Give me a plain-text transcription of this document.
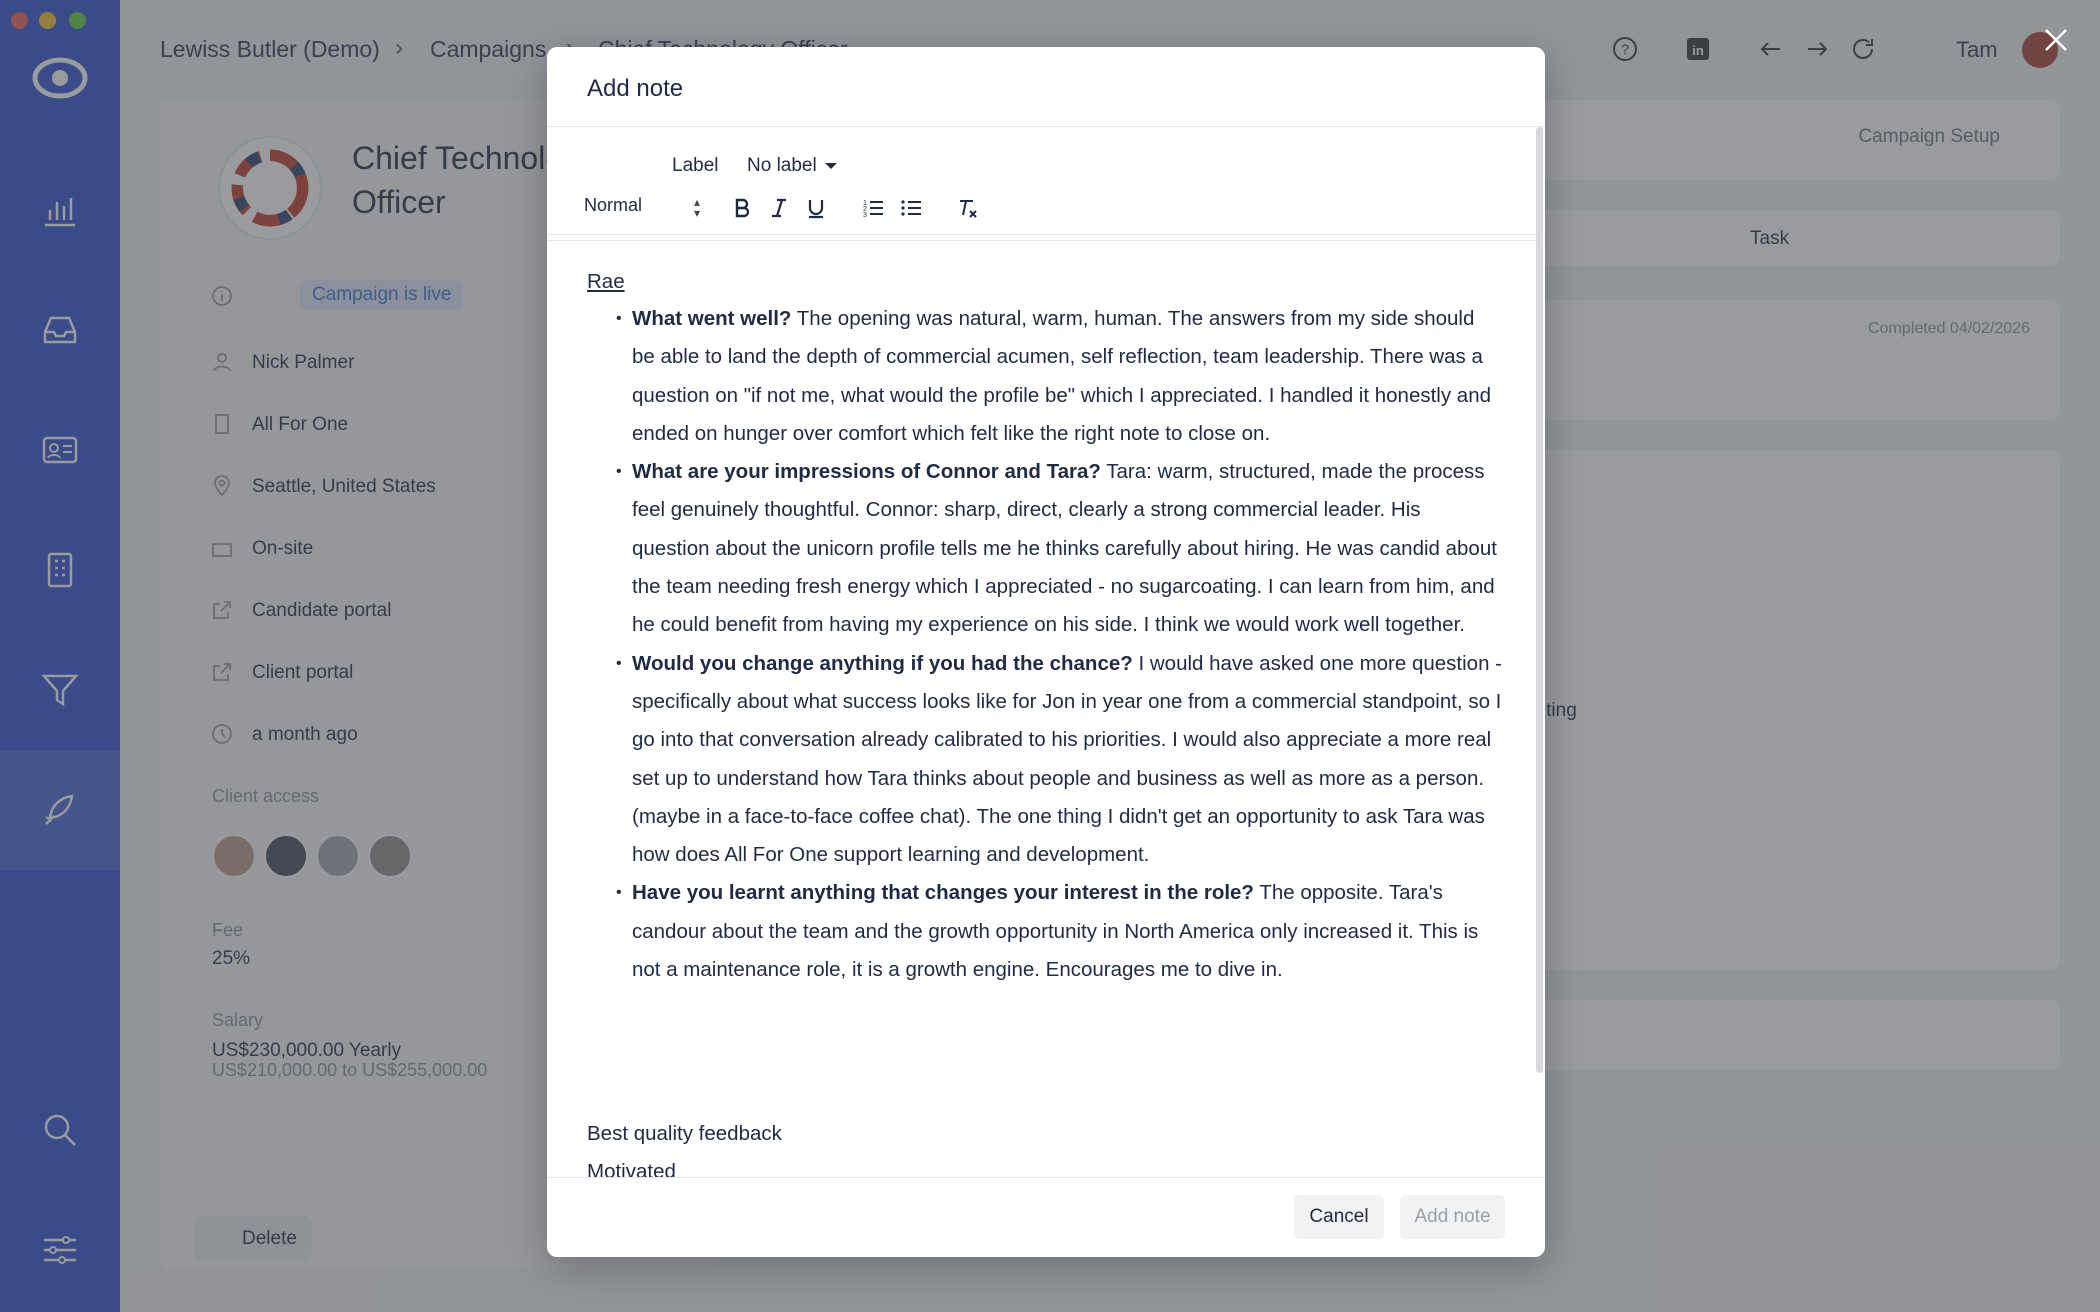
Add note
Label No label
Normal	▴
▾
1
2
3
Rae
• What went well? The opening was natural, warm, human. The answers from my side should be able to land the depth of commercial acumen, self reflection, team leadership. There was a question on "if not me, what would the profile be" which I appreciated. I handled it honestly and ended on hunger over comfort which felt like the right note to close on.
• What are your impressions of Connor and Tara? Tara: warm, structured, made the process feel genuinely thoughtful. Connor: sharp, direct, clearly a strong commercial leader. His question about the unicorn profile tells me he thinks carefully about hiring. He was candid about the team needing fresh energy which I appreciated - no sugarcoating. I can learn from him, and he could benefit from having my experience on his side. I think we would work well together.
• Would you change anything if you had the chance? I would have asked one more question - specifically about what success looks like for Jon in year one from a commercial standpoint, so I go into that conversation already calibrated to his priorities. I would also appreciate a more real set up to understand how Tara thinks about people and business as well as more as a person. (maybe in a face-to-face coffee chat). The one thing I didn't get an opportunity to ask Tara was how does All For One support learning and development.
• Have you learnt anything that changes your interest in the role? The opposite. Tara's candour about the team and the growth opportunity in North America only increased it. This is not a maintenance role, it is a growth engine. Encourages me to dive in.
Best quality feedback
Motivated
Cancel	Add note
